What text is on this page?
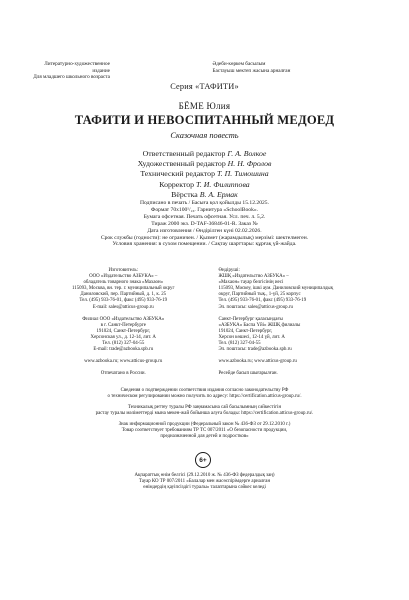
Литературно-художественное издание
Для младшего школьного возраста
Әдеби-көркем басылым
Бастауыш мектеп жасына арналған
Серия «ТАФИТИ»
БЁМЕ Юлия
ТАФИТИ И НЕВОСПИТАННЫЙ МЕДОЕД
Сказочная повесть
Ответственный редактор Г. А. Волкое
Художественный редактор Н. Н. Фролов
Технический редактор Т. П. Тимошина
Корректор Т. И. Филиппова
Вёрстка В. А. Ермак
Подписано в печать / Басыға қол қойылды 15.12.2025.
Формат 70x100¹/₁₆. Гарнитура «SchoolBook».
Бумага офсетная. Печать офсетная. Усл. печ. л. 5,2.
Тираж 2000 экз. D-TAF-36846-01-R. Заказ №
Дата изготовления / Өндірілген күні 02.02.2026.
Срок службы (годности): не ограничен. / Қызмет (жарамдылық) мерзімі: шектелмеген.
Условия хранения: в сухом помещении. / Сақтау шарттары: құрғақ үй-жайда.
Изготовитель:
ООО «Издательство АЗБУКА» –
обладатель товарного знака «Махаон»
115093, Москва, вн. тер. г. муниципальный округ
Даниловский, пер. Партийный, д. 1, к. 25
Тел. (495) 933-76-01, факс (495) 933-76-19
E-mail: sales@atticus-group.ru
Филиал ООО «Издательство АЗБУКА»
в г. Санкт-Петербурге
191024, Санкт-Петербург,
Херсонская ул., д. 12-14, лит. А
Тел. (812) 327-04-55
E-mail: trade@azbooka.spb.ru
www.azbooka.ru; www.atticus-group.ru
Отпечатано в России.
Өндіруші:
ЖШҚ «Издательство АЗБУКА» –
«Махаон» тауар белгісінің иесі
115093, Мәскеу, ішкі аум. Даниловский муниципалдық
округ, Партийный тық., 1-үй, 25 корпус
Тел. (495) 933-76-01, факс (495) 933-76-19
Эл. поштасы: sales@atticus-group.ru
Санкт-Петербург қаласындағы
«АЗБУКА» Баспа Үйі» ЖШҚ филиалы
191024, Санкт-Петербург,
Херсон көшесі, 12-14 үй, лит. А
Тел. (812) 327-04-55
Эл. поштасы: trade@azbooka.spb.ru
www.azbooka.ru; www.atticus-group.ru
Ресейде басып шығарылған.
Сведения о подтверждении соответствия издания согласно законодательству РФ
о техническом регулировании можно получить по адресу: https://certification.atticus-group.ru/.
Техникалық реттеу туралы РФ заңнамасына сай басылымның сәйкестігін
растау туралы мәліметтерді мына мекен-жай бойынша алуға болады: https://certification.atticus-group.ru/.
Знак информационной продукции (Федеральный закон № 436-ФЗ от 29.12.2010 г.)
Товар соответствует требованиям ТР ТС 007/2011 «О безопасности продукции,
предназначенной для детей и подростков»
6+
Ақпараттық өнім белгісі (29.12.2010 ж. № 436-ФЗ федералдық заң)
Тауар КО ТР 007/2011 «Балалар мен жасөспірімдерге арналған
өнімдердің қауіпсіздігі туралы» талаптарына сәйкес келеді
